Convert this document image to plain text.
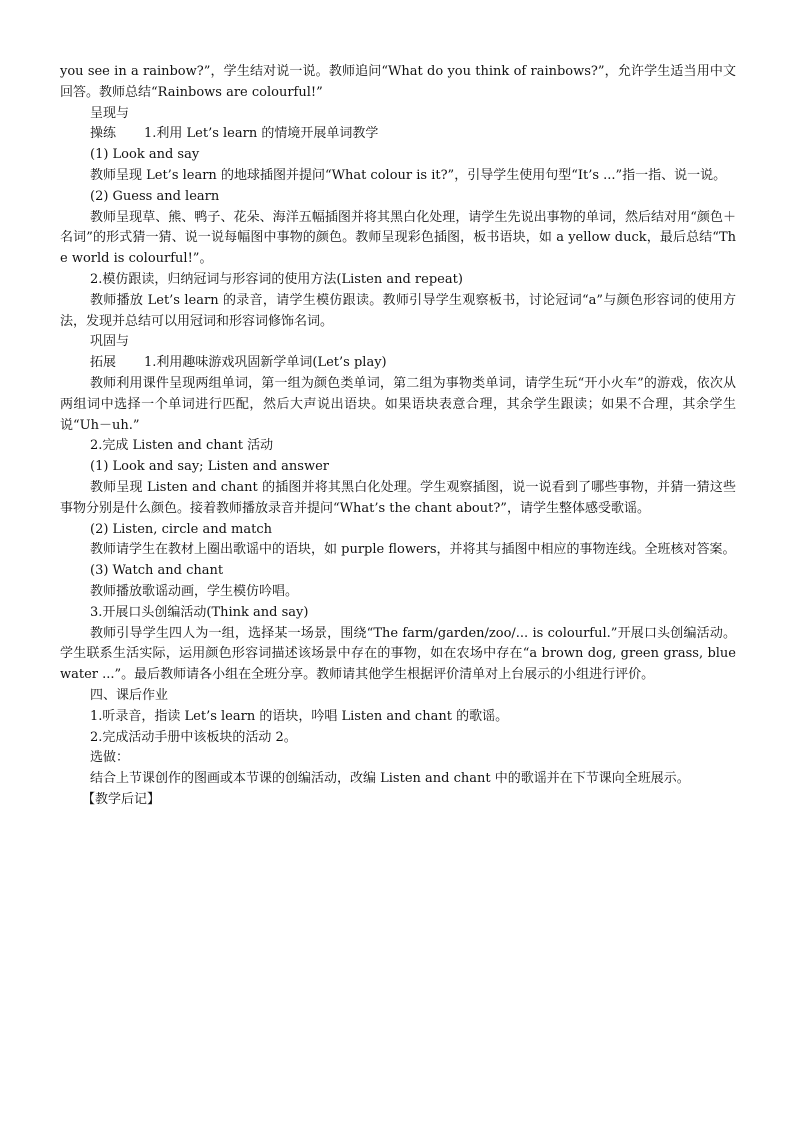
you see in a rainbow?”，学生结对说一说。教师追问“What do you think of rainbows?”，允许学生适当用中文回答。教师总结“Rainbows are colourful!”

呈现与

操练 1.利用 Let’s learn 的情境开展单词教学

(1) Look and say

教师呈现 Let’s learn 的地球插图并提问“What colour is it?”，引导学生使用句型“It’s ...”指一指、说一说。

(2) Guess and learn

教师呈现草、熊、鸭子、花朵、海洋五幅插图并将其黑白化处理，请学生先说出事物的单词，然后结对用“颜色＋名词”的形式猜一猜、说一说每幅图中事物的颜色。教师呈现彩色插图，板书语块，如 a yellow duck，最后总结“The world is colourful!”。

2.模仿跟读，归纳冠词与形容词的使用方法(Listen and repeat)

教师播放 Let’s learn 的录音，请学生模仿跟读。教师引导学生观察板书，讨论冠词“a”与颜色形容词的使用方法，发现并总结可以用冠词和形容词修饰名词。

巩固与

拓展 1.利用趣味游戏巩固新学单词(Let’s play)

教师利用课件呈现两组单词，第一组为颜色类单词，第二组为事物类单词，请学生玩“开小火车”的游戏，依次从两组词中选择一个单词进行匹配，然后大声说出语块。如果语块表意合理，其余学生跟读；如果不合理，其余学生说“Uh－uh.”

2.完成 Listen and chant 活动

(1) Look and say; Listen and answer

教师呈现 Listen and chant 的插图并将其黑白化处理。学生观察插图，说一说看到了哪些事物，并猜一猜这些事物分别是什么颜色。接着教师播放录音并提问“What’s the chant about?”，请学生整体感受歌谣。

(2) Listen, circle and match

教师请学生在教材上圈出歌谣中的语块，如 purple flowers，并将其与插图中相应的事物连线。全班核对答案。

(3) Watch and chant

教师播放歌谣动画，学生模仿吟唱。

3.开展口头创编活动(Think and say)

教师引导学生四人为一组，选择某一场景，围绕“The farm/garden/zoo/... is colourful.”开展口头创编活动。学生联系生活实际，运用颜色形容词描述该场景中存在的事物，如在农场中存在“a brown dog, green grass, blue water ...”。最后教师请各小组在全班分享。教师请其他学生根据评价清单对上台展示的小组进行评价。

四、课后作业

1.听录音，指读 Let’s learn 的语块，吟唱 Listen and chant 的歌谣。

2.完成活动手册中该板块的活动 2。

选做：

结合上节课创作的图画或本节课的创编活动，改编 Listen and chant 中的歌谣并在下节课向全班展示。

【教学后记】
